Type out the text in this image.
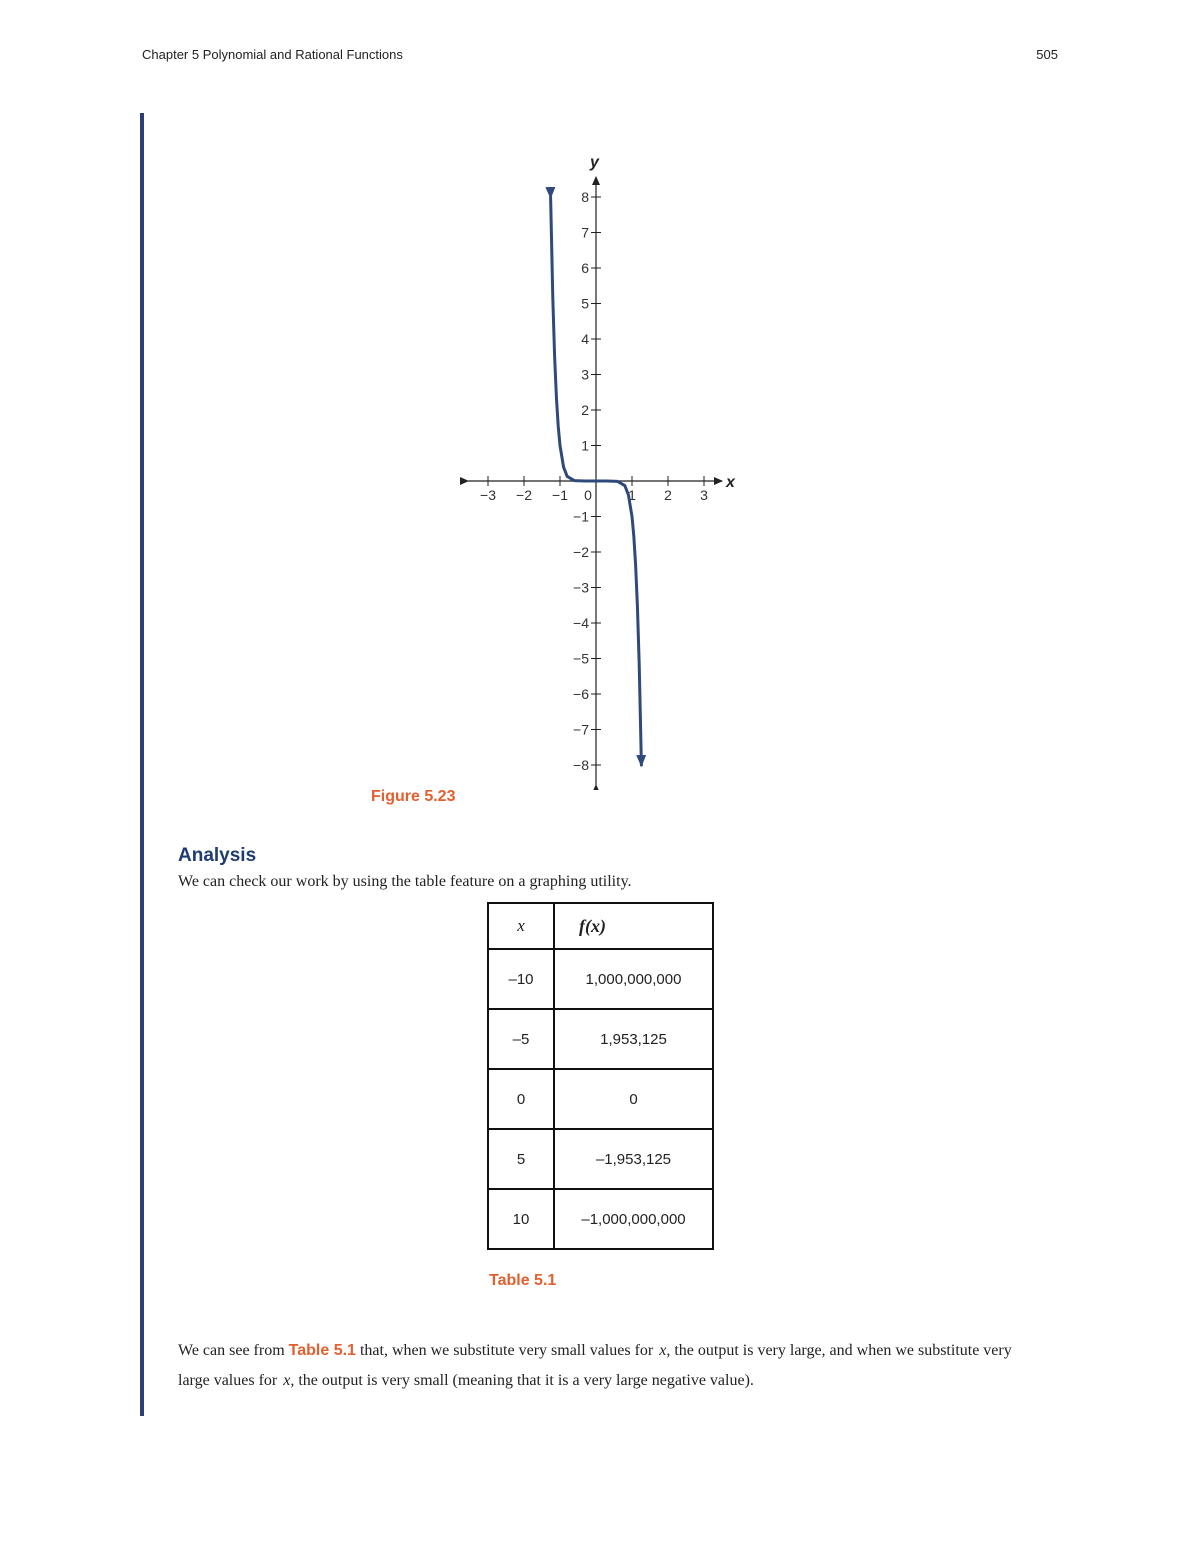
Chapter 5 Polynomial and Rational Functions	505
x
y
−3 −2 −1 0	1 2 3
1
2
3
4
5
6
7
8
−1
−2
−3
−4
−5
−6
−7
−8
Figure 5.23
Analysis
We can check our work by using the table feature on a graphing utility.
x	f(x)
–10	1,000,000,000
–5	1,953,125
0	0
5	–1,953,125
10	–1,000,000,000
Table 5.1

We can see from Table 5.1 that, when we substitute very small values for x, the output is very large, and when we substitute very large values for x, the output is very small (meaning that it is a very large negative value).
